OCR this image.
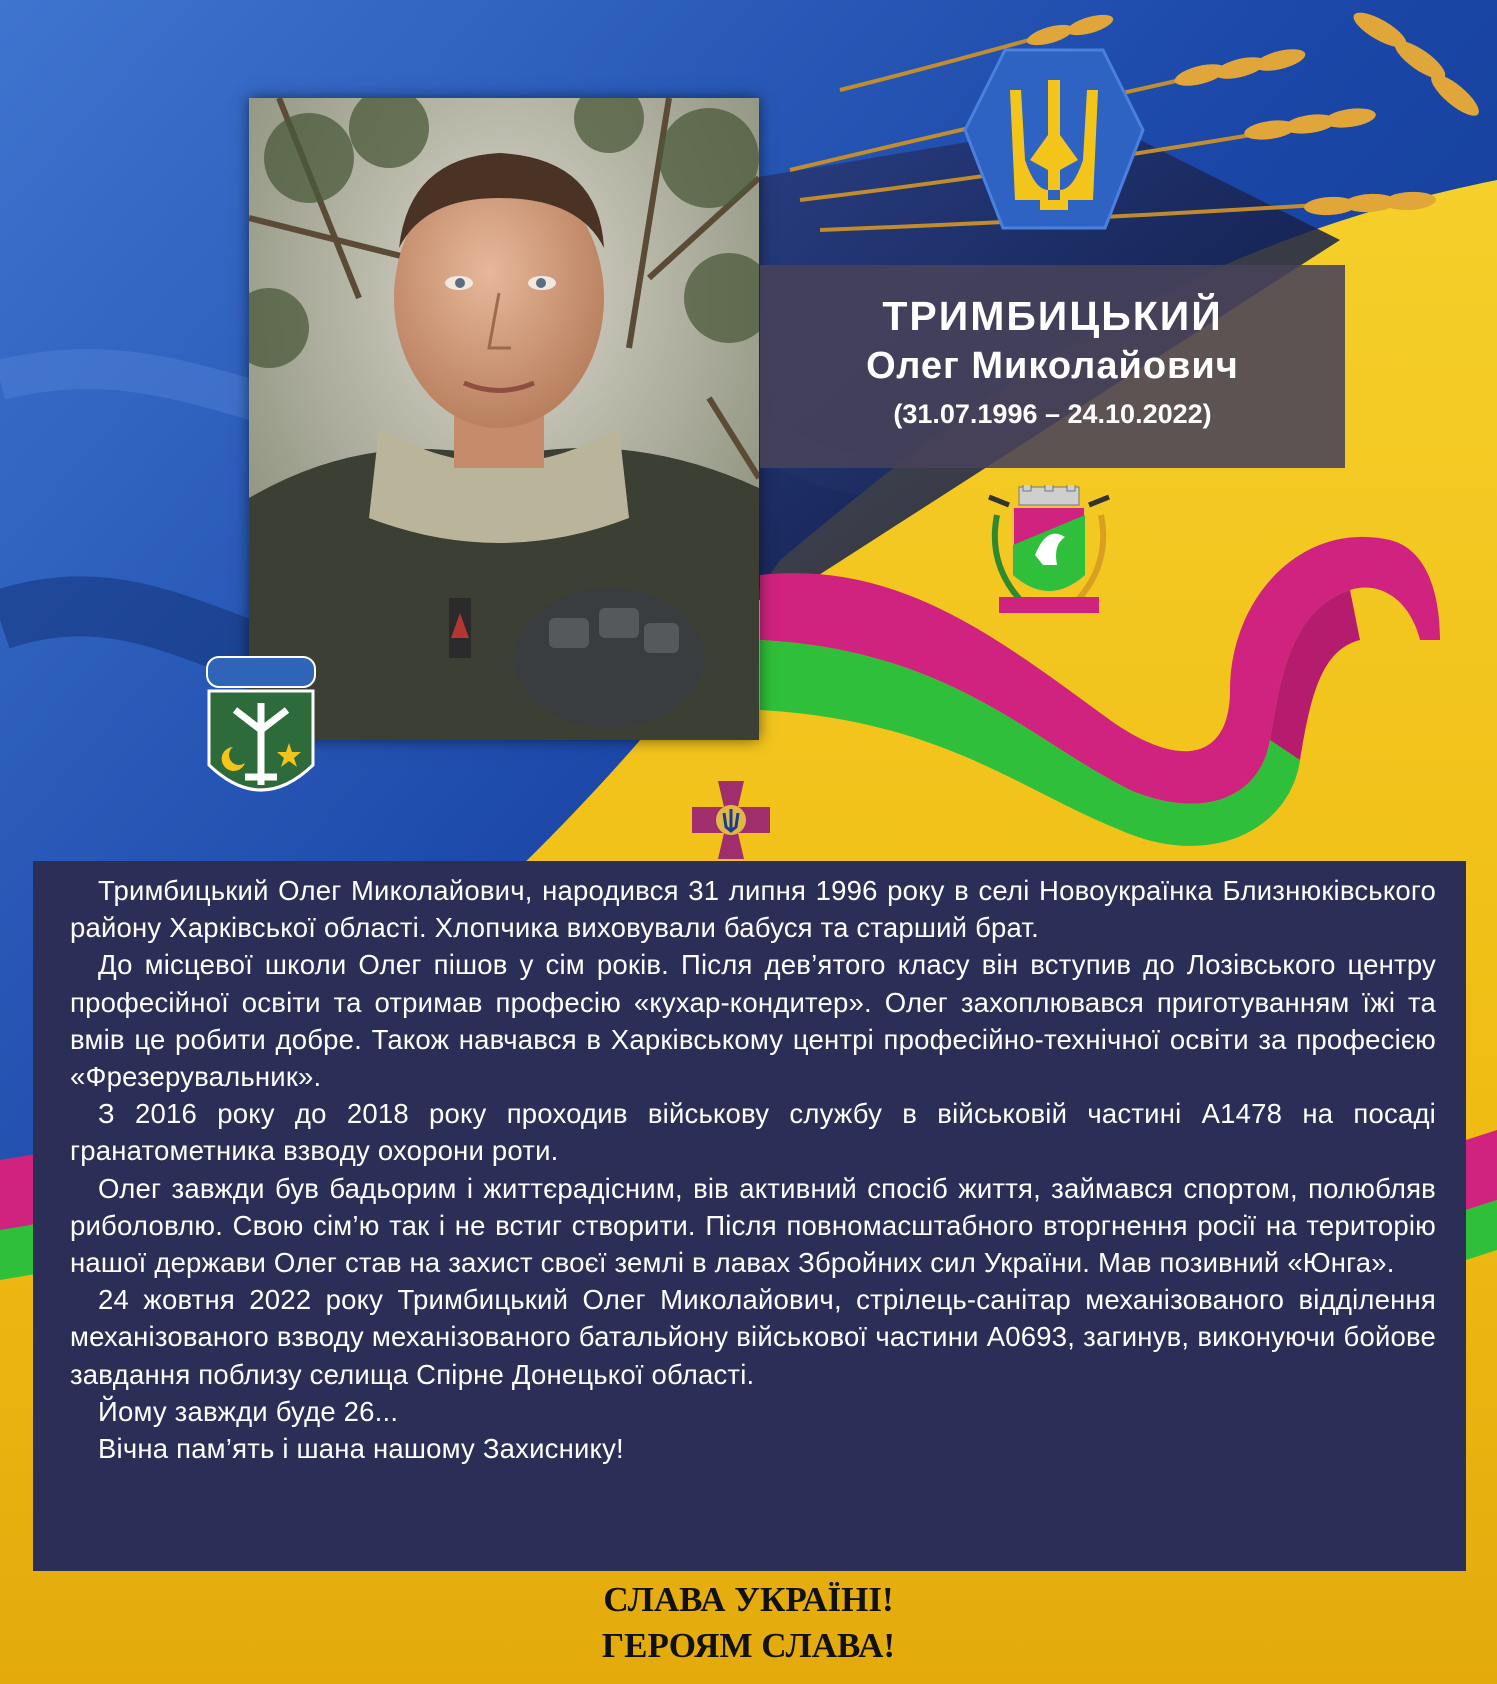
ТРИМБИЦЬКИЙ
Олег Миколайович
(31.07.1996 – 24.10.2022)

Тримбицький Олег Миколайович, народився 31 липня 1996 року в селі Новоукраїнка Близнюківського району Харківської області. Хлопчика виховували бабуся та старший брат.

До місцевої школи Олег пішов у сім років. Після дев’ятого класу він вступив до Лозівського центру професійної освіти та отримав професію «кухар-кондитер». Олег захоплювався приготуванням їжі та вмів це робити добре. Також навчався в Харківському центрі професійно-технічної освіти за професією «Фрезерувальник».

З 2016 року до 2018 року проходив військову службу в військовій частині А1478 на посаді гранатометника взводу охорони роти.

Олег завжди був бадьорим і життєрадісним, вів активний спосіб життя, займався спортом, полюбляв риболовлю. Свою сім’ю так і не встиг створити. Після повномасштабного вторгнення росії на територію нашої держави Олег став на захист своєї землі в лавах Збройних сил України. Мав позивний «Юнга».

24 жовтня 2022 року Тримбицький Олег Миколайович, стрілець-санітар механізованого відділення механізованого взводу механізованого батальйону військової частини А0693, загинув, виконуючи бойове завдання поблизу селища Спірне Донецької області.

Йому завжди буде 26...

Вічна пам’ять і шана нашому Захиснику!

СЛАВА УКРАЇНІ!
ГЕРОЯМ СЛАВА!
